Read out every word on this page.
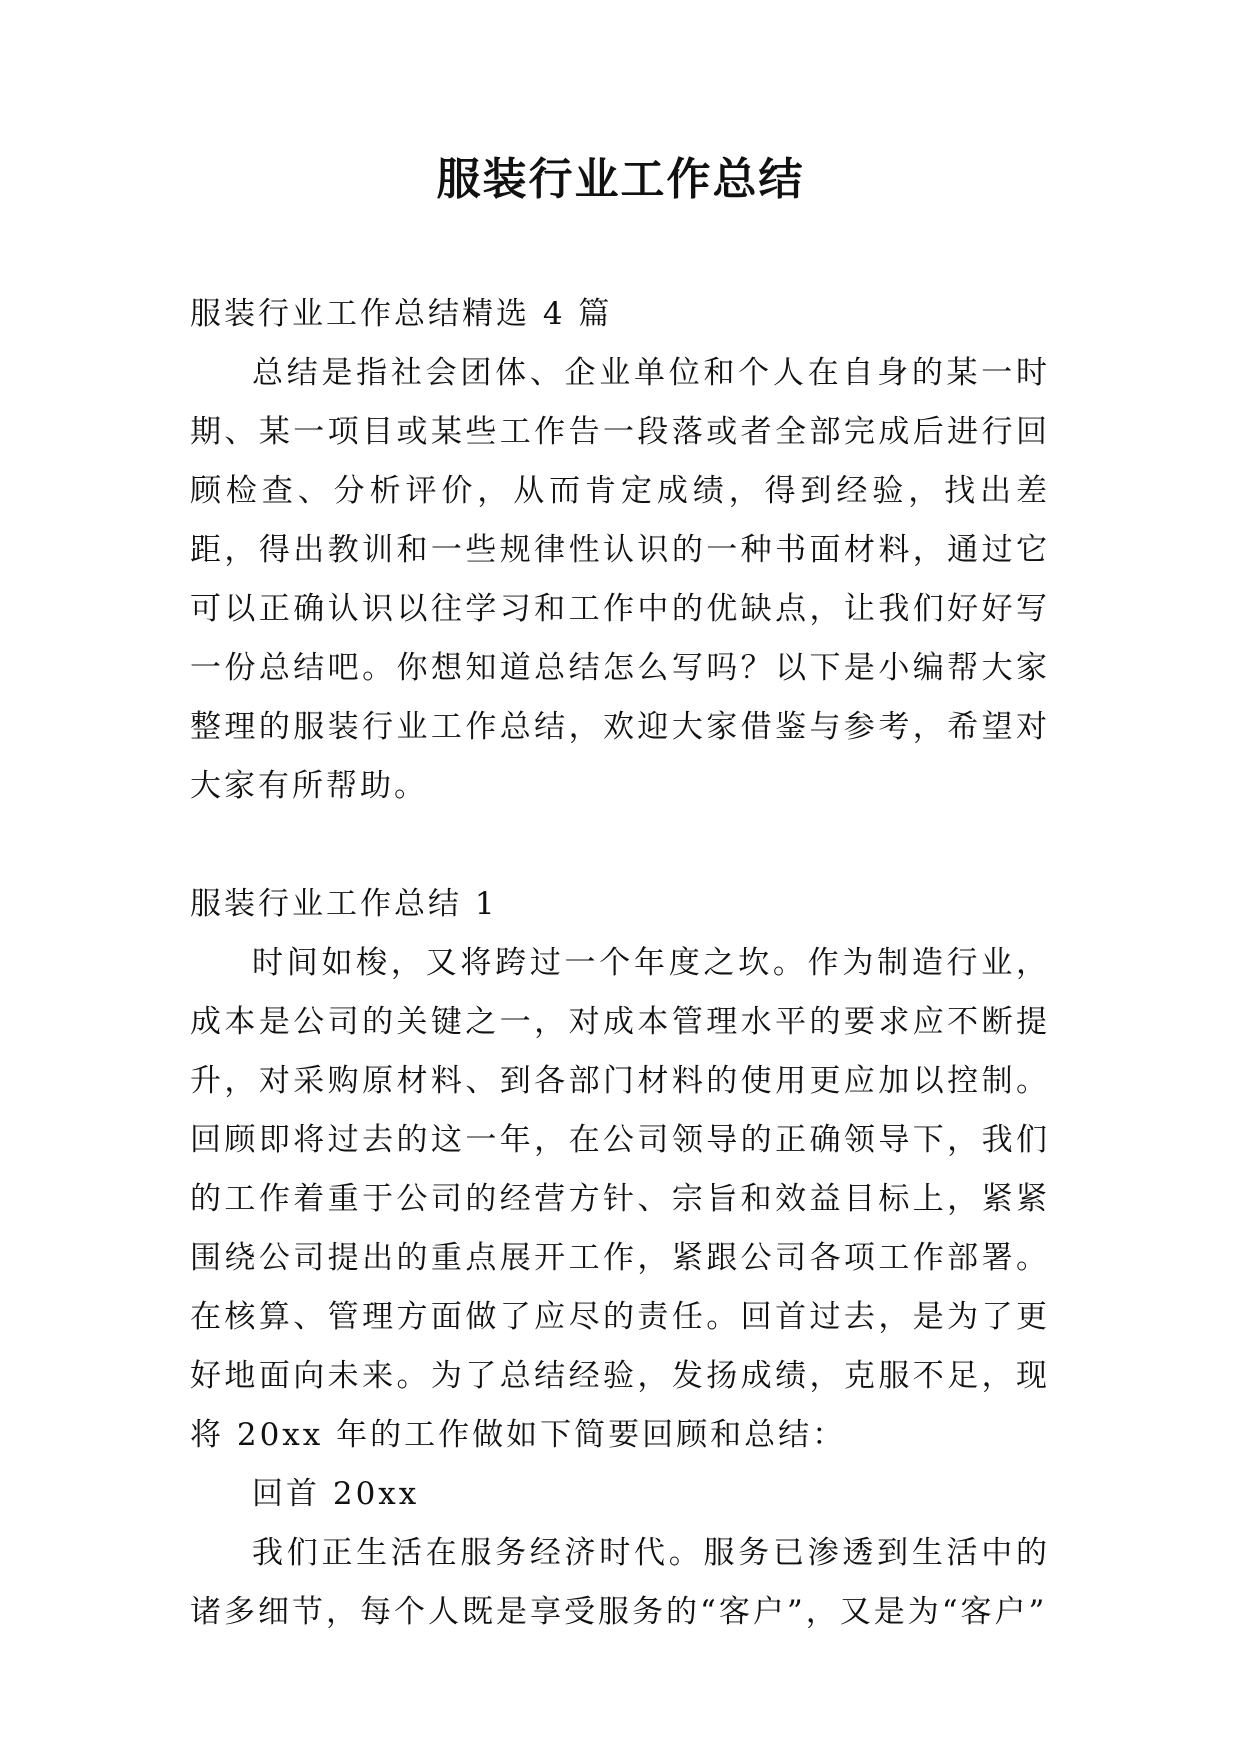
服装行业工作总结

服装行业工作总结精选 4 篇

总结是指社会团体、企业单位和个人在自身的某一时期、某一项目或某些工作告一段落或者全部完成后进行回顾检查、分析评价，从而肯定成绩，得到经验，找出差距，得出教训和一些规律性认识的一种书面材料，通过它可以正确认识以往学习和工作中的优缺点，让我们好好写一份总结吧。你想知道总结怎么写吗？以下是小编帮大家整理的服装行业工作总结，欢迎大家借鉴与参考，希望对大家有所帮助。

服装行业工作总结 1

时间如梭，又将跨过一个年度之坎。作为制造行业，成本是公司的关键之一，对成本管理水平的要求应不断提升，对采购原材料、到各部门材料的使用更应加以控制。回顾即将过去的这一年，在公司领导的正确领导下，我们的工作着重于公司的经营方针、宗旨和效益目标上，紧紧围绕公司提出的重点展开工作，紧跟公司各项工作部署。在核算、管理方面做了应尽的责任。回首过去，是为了更好地面向未来。为了总结经验，发扬成绩，克服不足，现将 20xx 年的工作做如下简要回顾和总结：

回首 20xx

我们正生活在服务经济时代。服务已渗透到生活中的诸多细节，每个人既是享受服务的“客户”，又是为“客户”
